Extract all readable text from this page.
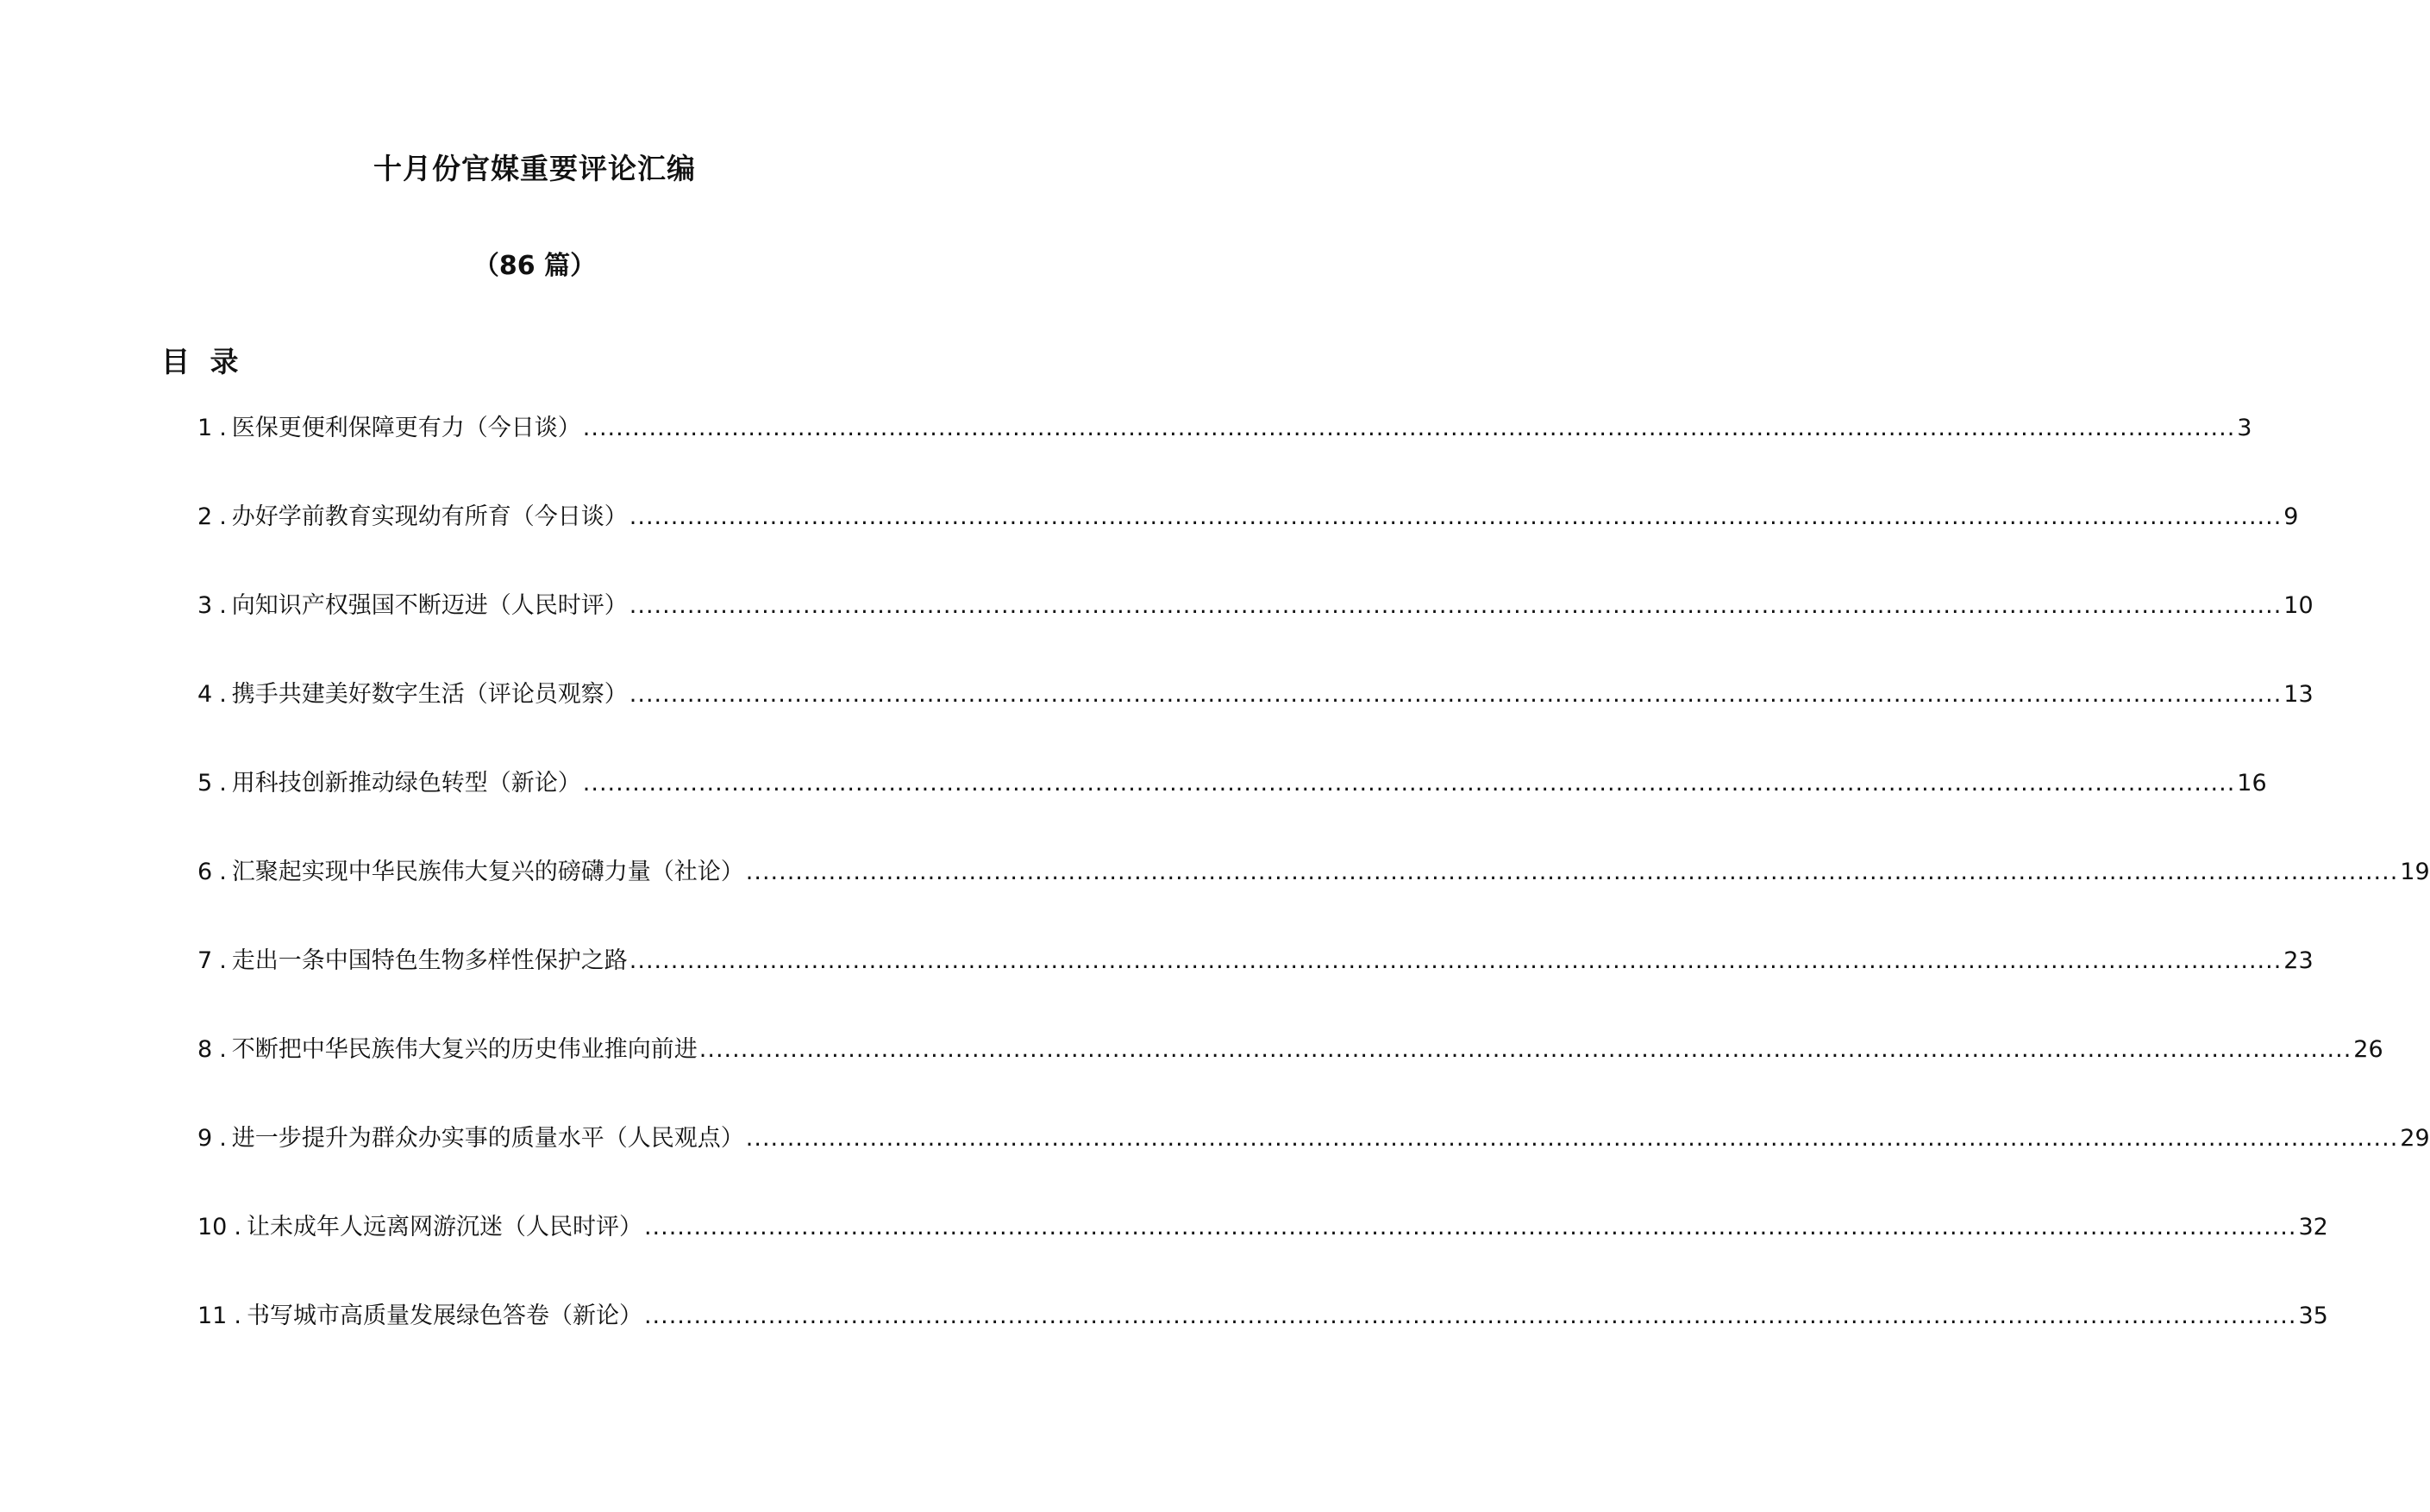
十月份官媒重要评论汇编
（86 篇）
目 录
1 . 医保更便利保障更有力（今日谈） ........................................................................................................................................................................................................ 3
2 . 办好学前教育实现幼有所育（今日谈） ........................................................................................................................................................................................................ 9
3 . 向知识产权强国不断迈进（人民时评） ........................................................................................................................................................................................................ 10
4 . 携手共建美好数字生活（评论员观察） ........................................................................................................................................................................................................ 13
5 . 用科技创新推动绿色转型（新论） ........................................................................................................................................................................................................ 16
6 . 汇聚起实现中华民族伟大复兴的磅礴力量（社论） ........................................................................................................................................................................................................ 19
7 . 走出一条中国特色生物多样性保护之路 ........................................................................................................................................................................................................ 23
8 . 不断把中华民族伟大复兴的历史伟业推向前进 ........................................................................................................................................................................................................ 26
9 . 进一步提升为群众办实事的质量水平（人民观点） ........................................................................................................................................................................................................ 29
10 . 让未成年人远离网游沉迷（人民时评） ........................................................................................................................................................................................................ 32
11 . 书写城市高质量发展绿色答卷（新论） ........................................................................................................................................................................................................ 35
